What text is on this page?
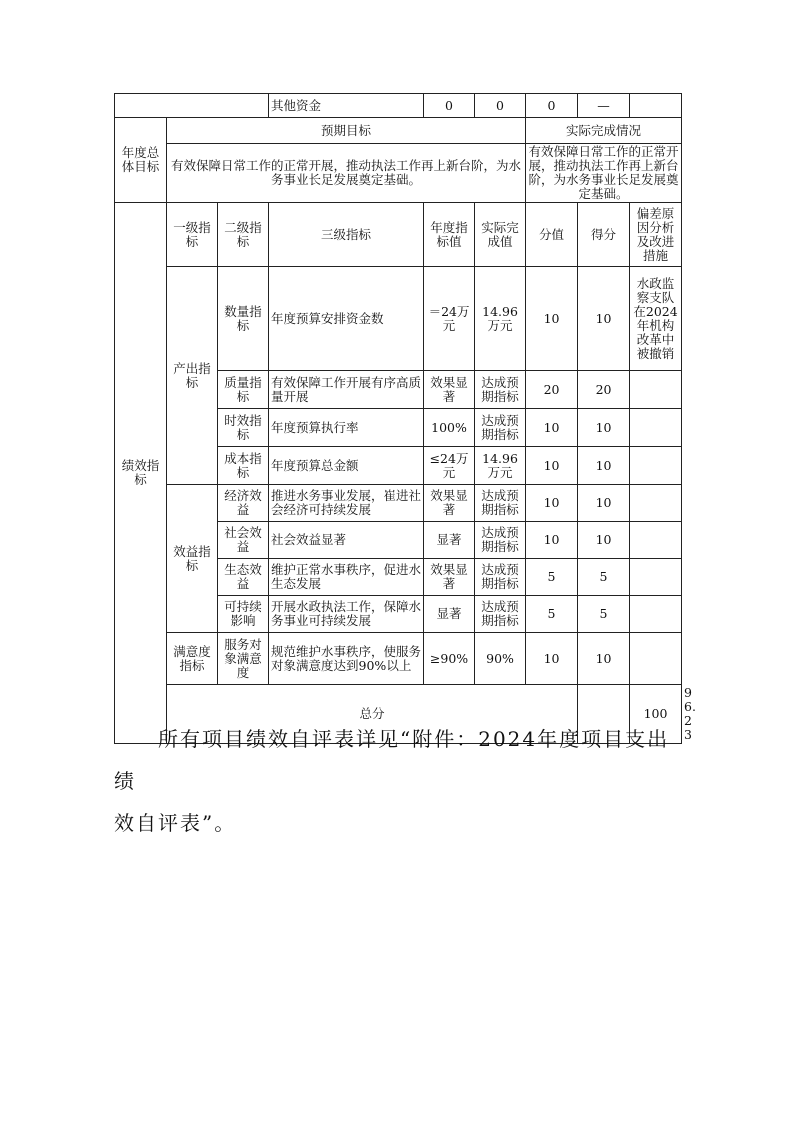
			其他资金	0	0	0	—		
年度总体目标	预期目标					实际完成情况			
	有效保障日常工作的正常开展，推动执法工作再上新台阶，为水务事业长足发展奠定基础。					有效保障日常工作的正常开展，推动执法工作再上新台阶，为水务事业长足发展奠定基础。			
绩效指标	一级指标	二级指标	三级指标	年度指标值	实际完成值	分值	得分	偏差原因分析及改进措施	
	产出指标	数量指标	年度预算安排资金数	＝24万元	14.96万元	10	10	水政监察支队在2024年机构改革中被撤销	
		质量指标	有效保障工作开展有序高质量开展	效果显著	达成预期指标	20	20		
		时效指标	年度预算执行率	100%	达成预期指标	10	10		
		成本指标	年度预算总金额	≤24万元	14.96万元	10	10		
	效益指标	经济效益	推进水务事业发展，崔进社会经济可持续发展	效果显著	达成预期指标	10	10		
		社会效益	社会效益显著	显著	达成预期指标	10	10		
		生态效益	维护正常水事秩序，促进水生态发展	效果显著	达成预期指标	5	5		
		可持续影响	开展水政执法工作，保障水务事业可持续发展	显著	达成预期指标	5	5		
	满意度指标	服务对象满意度	规范维护水事秩序，使服务对象满意度达到90%以上	≥90%	90%	10	10		
	总分							100	96.23	
所有项目绩效自评表详见“附件：2024年度项目支出绩
效自评表”。
